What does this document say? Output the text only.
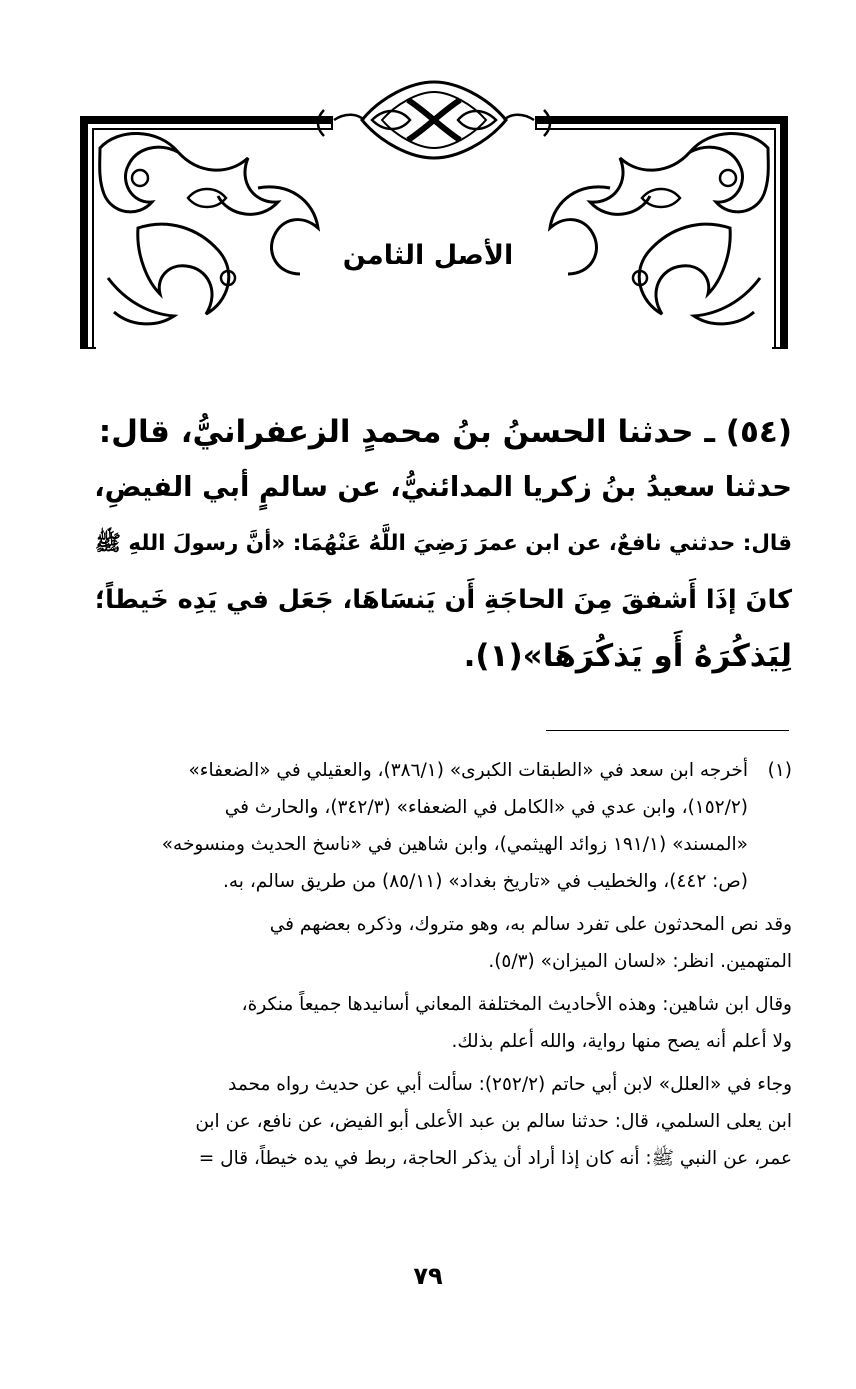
الأصل الثامن
(٥٤) ـ حدثنا الحسنُ بنُ محمدٍ الزعفرانيُّ، قال:
حدثنا سعيدُ بنُ زكريا المدائنيُّ، عن سالمٍ أبي الفيضِ،
قال: حدثني نافعٌ، عن ابن عمرَ رَضِيَ اللَّهُ عَنْهُمَا: «أنَّ رسولَ اللهِ ﷺ
كانَ إذَا أَشفقَ مِنَ الحاجَةِ أَن يَنسَاهَا، جَعَل في يَدِه خَيطاً؛
لِيَذكُرَهُ أَو يَذكُرَهَا»(١).
(١)
أخرجه ابن سعد في «الطبقات الكبرى» (٣٨٦/١)، والعقيلي في «الضعفاء»
(١٥٢/٢)، وابن عدي في «الكامل في الضعفاء» (٣٤٢/٣)، والحارث في
«المسند» (١٩١/١ زوائد الهيثمي)، وابن شاهين في «ناسخ الحديث ومنسوخه»
(ص: ٤٤٢)، والخطيب في «تاريخ بغداد» (٨٥/١١) من طريق سالم، به.
وقد نص المحدثون على تفرد سالم به، وهو متروك، وذكره بعضهم في
المتهمين. انظر: «لسان الميزان» (٥/٣).
وقال ابن شاهين: وهذه الأحاديث المختلفة المعاني أسانيدها جميعاً منكرة،
ولا أعلم أنه يصح منها رواية، والله أعلم بذلك.
وجاء في «العلل» لابن أبي حاتم (٢٥٢/٢): سألت أبي عن حديث رواه محمد
ابن يعلى السلمي، قال: حدثنا سالم بن عبد الأعلى أبو الفيض، عن نافع، عن ابن
عمر، عن النبي ﷺ: أنه كان إذا أراد أن يذكر الحاجة، ربط في يده خيطاً، قال =
٧٩
